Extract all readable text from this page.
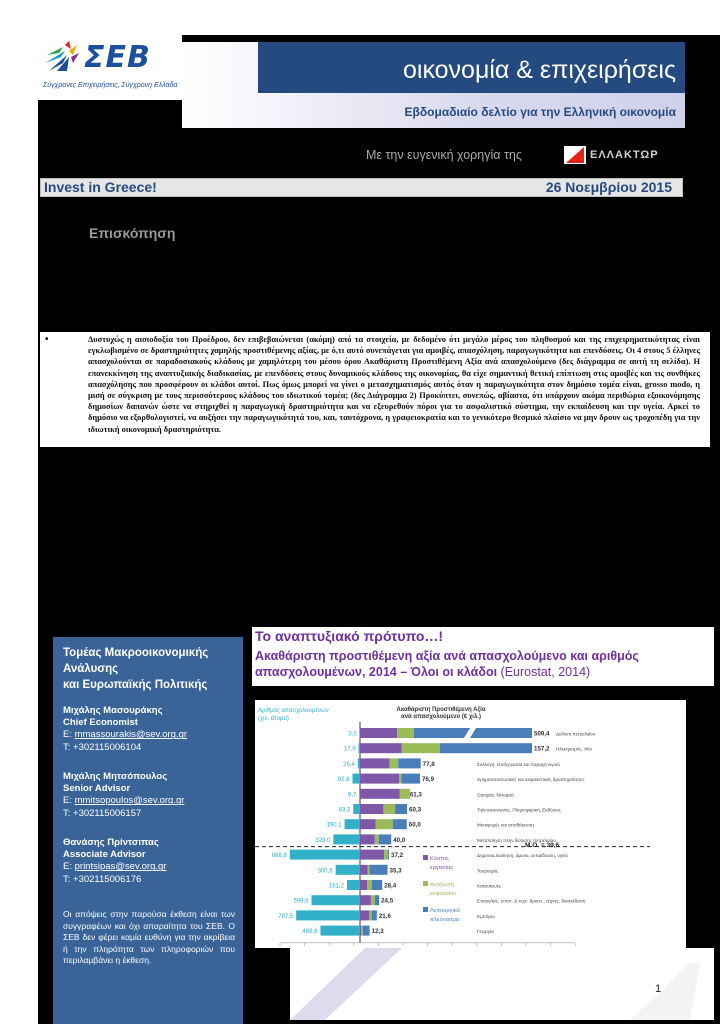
ΣΕΒ
Σύγχρονες Επιχειρήσεις, Σύγχρονη Ελλάδα
οικονομία & επιχειρήσεις
Εβδομαδιαίο δελτίο για την Ελληνική οικονομία
Με την ευγενική χορηγία της	ΕΛΛΑΚΤΩΡ
Invest in Greece!	26 Νοεμβρίου 2015
Επισκόπηση
•	Δυστυχώς η αισιοδοξία του Προέδρου, δεν επιβεβαιώνεται (ακόμη) από τα στοιχεία, με δεδομένο ότι μεγάλο μέρος του πληθυσμού και της επιχειρηματικότητας είναι εγκλωβισμένο σε δραστηριότητες χαμηλής προστιθέμενης αξίας, με ό,τι αυτό συνεπάγεται για αμοιβές, απασχόληση, παραγωγικότητα και επενδύσεις. Οι 4 στους 5 έλληνες απασχολούνται σε παραδοσιακούς κλάδους με χαμηλότερη του μέσου όρου Ακαθάριστη Προστιθέμενη Αξία ανά απασχολούμενο (δες διάγραμμα σε αυτή τη σελίδα). Η επανεκκίνηση της αναπτυξιακής διαδικασίας, με επενδύσεις στους δυναμικούς κλάδους της οικονομίας, θα είχε σημαντική θετική επίπτωση στις αμοιβές και τις συνθήκες απασχόλησης που προσφέρουν οι κλάδοι αυτοί. Πως όμως μπορεί να γίνει ο μετασχηματισμός αυτός όταν η παραγωγικότητα στον δημόσιο τομέα είναι, grosso modo, η μισή σε σύγκριση με τους περισσότερους κλάδους του ιδιωτικού τομέα; (δες Διάγραμμα 2) Προκύπτει, συνεπώς, αβίαστα, ότι υπάρχουν ακόμα περιθώρια εξοικονόμησης δημοσίων δαπανών ώστε να στηριχθεί η παραγωγική δραστηριότητα και να εξευρεθούν πόροι για το ασφαλιστικό σύστημα, την εκπαίδευση και την υγεία. Αρκεί το δημόσιο να εξορθολογιστεί, να αυξήσει την παραγωγικότητά του, και, ταυτόχρονα, η γραφειοκρατία και το γενικότερο θεσμικό πλαίσιο να μην δρουν ως τροχοπέδη για την ιδιωτική οικονομική δραστηριότητα.
Τομέας Μακροοικονομικής
Ανάλυσης
και Ευρωπαϊκής Πολιτικής
Μιχάλης Μασουράκης
Chief Economist
E: mmassourakis@sev.org.gr
T: +302115006104
Μιχάλης Μητσόπουλος
Senior Advisor
E: mmitsopoulos@sev.org.gr
T: +302115006157
Θανάσης Πρίντσιπας
Associate Advisor
E: printsipas@sev.org.gr
T: +302115006176
Οι απόψεις στην παρούσα έκθεση είναι των συγγραφέων και όχι απαραίτητα του ΣΕΒ. Ο ΣΕΒ δεν φέρει καμία ευθύνη για την ακρίβεια ή την πληρότητα των πληροφοριών που περιλαμβάνει η έκθεση.
Το αναπτυξιακό πρότυπο…!
Ακαθάριστη προστιθέμενη αξία ανά απασχολούμενο και αριθμός απασχολουμένων, 2014 – Όλοι οι κλάδοι (Eurostat, 2014)
Αριθμός απασχολουμένων
(χιλ. άτομα)
Ακαθάριστη Προστιθέμενη Αξία
ανά απασχολούμενο (€ χιλ.)
3,0	509,4 Διύλιση πετρελαίου
17,9	157,2 Ηλεκτρισμός, Φ/Α
26,4	77,8	Συλλογή, επεξεργασία και παροχή νερού
92,8	76,9	Χρηματοπιστωτικές και ασφαλιστικές δραστηριότητες
9,7	61,3	Ορυχεία, λατομεία
83,3	60,3	Τηλεπικοινωνίες, Πληροφορική, Εκδόσεις
190,1	60,0	Μεταφορές και αποθήκευση
329,0	40,0	Μεταποίηση πλην διύλισης πετρελαίου
866,8	37,2	Δημόσια Διοίκηση, άμυνα, εκπαίδευση, υγεία
300,6	35,3	Τουρισμός
161,2	28,4	Κατασκευές
598,6	24,5	Επαγγ/κές, επιστ. & τεχν. δραστ., τέχνες, διασκέδαση
787,5	21,6	Εμπόριο
488,6	12,3	Γεωργία
Μ.Ο. = 39,6
Κόστος
εργασίας
Ανάλωση
κεφαλαίου
Λειτουργικό
πλεόνασμα
1
